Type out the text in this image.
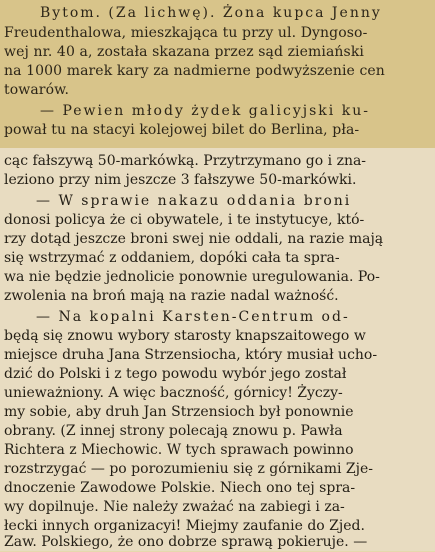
Bytom. (Za lichwę). Żona kupca Jenny
Freudenthalowa, mieszkająca tu przy ul. Dyngoso-
wej nr. 40 a, została skazana przez sąd ziemiański
na 1000 marek kary za nadmierne podwyższenie cen
towarów.
— Pewien młody żydek galicyjski ku-
pował tu na stacyi kolejowej bilet do Berlina, pła-
cąc fałszywą 50-markówką. Przytrzymano go i zna-
leziono przy nim jeszcze 3 fałszywe 50-markówki.
— W sprawie nakazu oddania broni
donosi policya że ci obywatele, i te instytucye, któ-
rzy dotąd jeszcze broni swej nie oddali, na razie mają
się wstrzymać z oddaniem, dopóki cała ta spra-
wa nie będzie jednolicie ponownie uregulowania. Po-
zwolenia na broń mają na razie nadal ważność.
— Na kopalni Karsten-Centrum od-
będą się znowu wybory starosty knapszaitowego w
miejsce druha Jana Strzensiocha, który musiał ucho-
dzić do Polski i z tego powodu wybór jego został
unieważniony. A więc baczność, górnicy! Życzy-
my sobie, aby druh Jan Strzensioch był ponownie
obrany. (Z innej strony polecają znowu p. Pawła
Richtera z Miechowic. W tych sprawach powinno
rozstrzygać — po porozumieniu się z górnikami Zje-
dnoczenie Zawodowe Polskie. Niech ono tej spra-
wy dopilnuje. Nie należy zważać na zabiegi i za-
łecki innych organizacyi! Miejmy zaufanie do Zjed.
Zaw. Polskiego, że ono dobrze sprawą pokieruje. —
